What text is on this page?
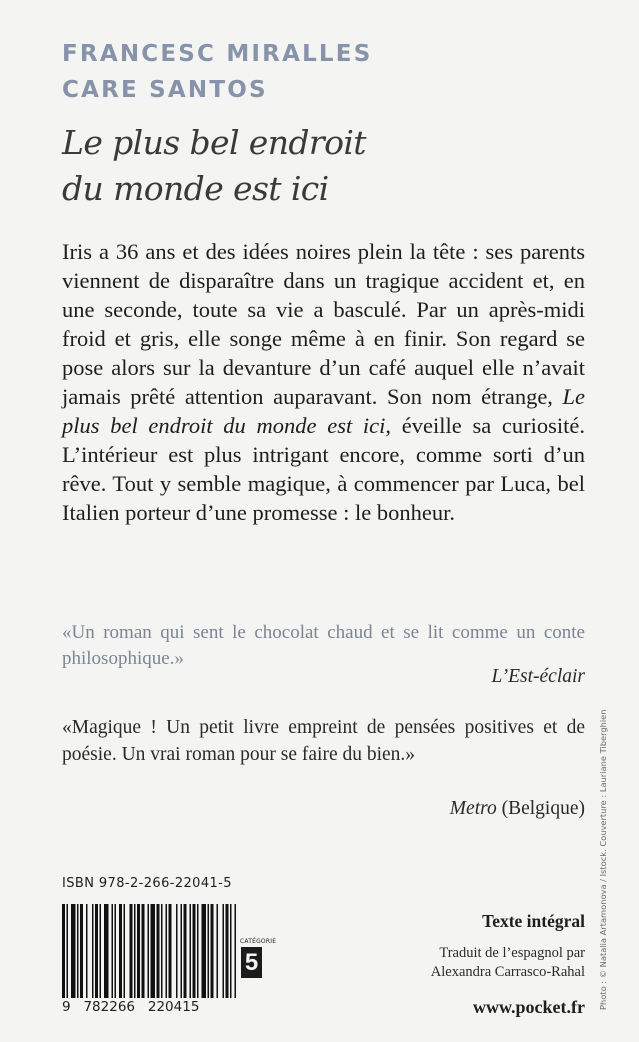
FRANCESC MIRALLES
CARE SANTOS
Le plus bel endroit
du monde est ici
Iris a 36 ans et des idées noires plein la tête : ses parents viennent de disparaître dans un tragique accident et, en une seconde, toute sa vie a basculé. Par un après-midi froid et gris, elle songe même à en finir. Son regard se pose alors sur la devanture d’un café auquel elle n’avait jamais prêté attention auparavant. Son nom étrange, Le plus bel endroit du monde est ici, éveille sa curiosité. L’intérieur est plus intrigant encore, comme sorti d’un rêve. Tout y semble magique, à commencer par Luca, bel Italien porteur d’une promesse : le bonheur.
«Un roman qui sent le chocolat chaud et se lit comme un conte philosophique.»
L’Est-éclair
«Magique ! Un petit livre empreint de pensées positives et de poésie. Un vrai roman pour se faire du bien.»
Metro (Belgique) Photo : © Natalia Artamonova / Istock. Couverture : Lauriane Tiberghien
ISBN 978-2-266-22041-5
9   782266   220415
CATÉGORIE
5
Texte intégral
Traduit de l’espagnol par
Alexandra Carrasco-Rahal
www.pocket.fr
